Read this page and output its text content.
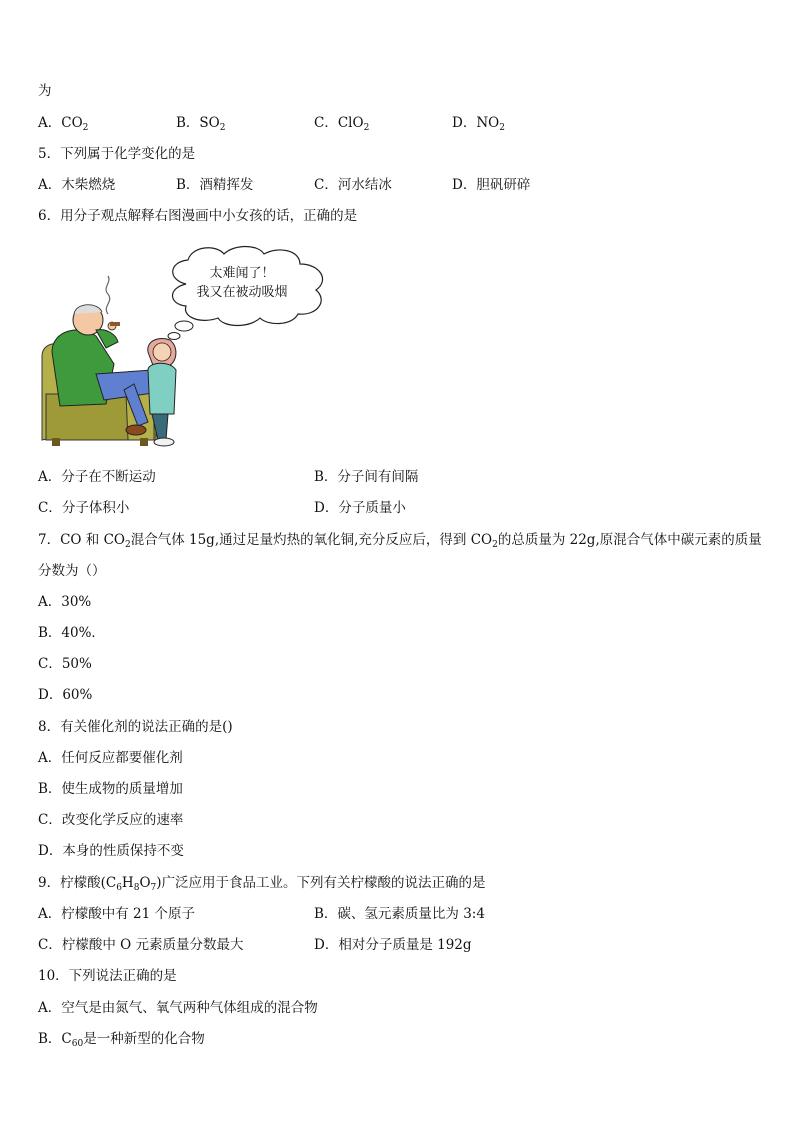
为
A．$CO_2$	B．$SO_2$	C．ClO$_2$	D．$NO_2$
5．下列属于化学变化的是
A．木柴燃烧	B．酒精挥发	C．河水结冰	D．胆矾研碎
6．用分子观点解释右图漫画中小女孩的话，正确的是
太难闻了！
我又在被动吸烟
A．分子在不断运动	B．分子间有间隔
C．分子体积小	D．分子质量小
7．CO 和 $CO_2$混合气体 15g,通过足量灼热的氧化铜,充分反应后，得到 $CO_2$的总质量为 22g,原混合气体中碳元素的质量
分数为（）
A．30%
B．40%．
C．50%
D．60%
8．有关催化剂的说法正确的是()
A．任何反应都要催化剂
B．使生成物的质量增加
C．改变化学反应的速率
D．本身的性质保持不变
9．柠檬酸$(C_6H_8O_7)$广泛应用于食品工业。下列有关柠檬酸的说法正确的是
A．柠檬酸中有 21 个原子	B．碳、氢元素质量比为 3:4
C．柠檬酸中 O 元素质量分数最大	D．相对分子质量是 192g
10．下列说法正确的是
A．空气是由氮气、氧气两种气体组成的混合物
B．$C_{60}$是一种新型的化合物
